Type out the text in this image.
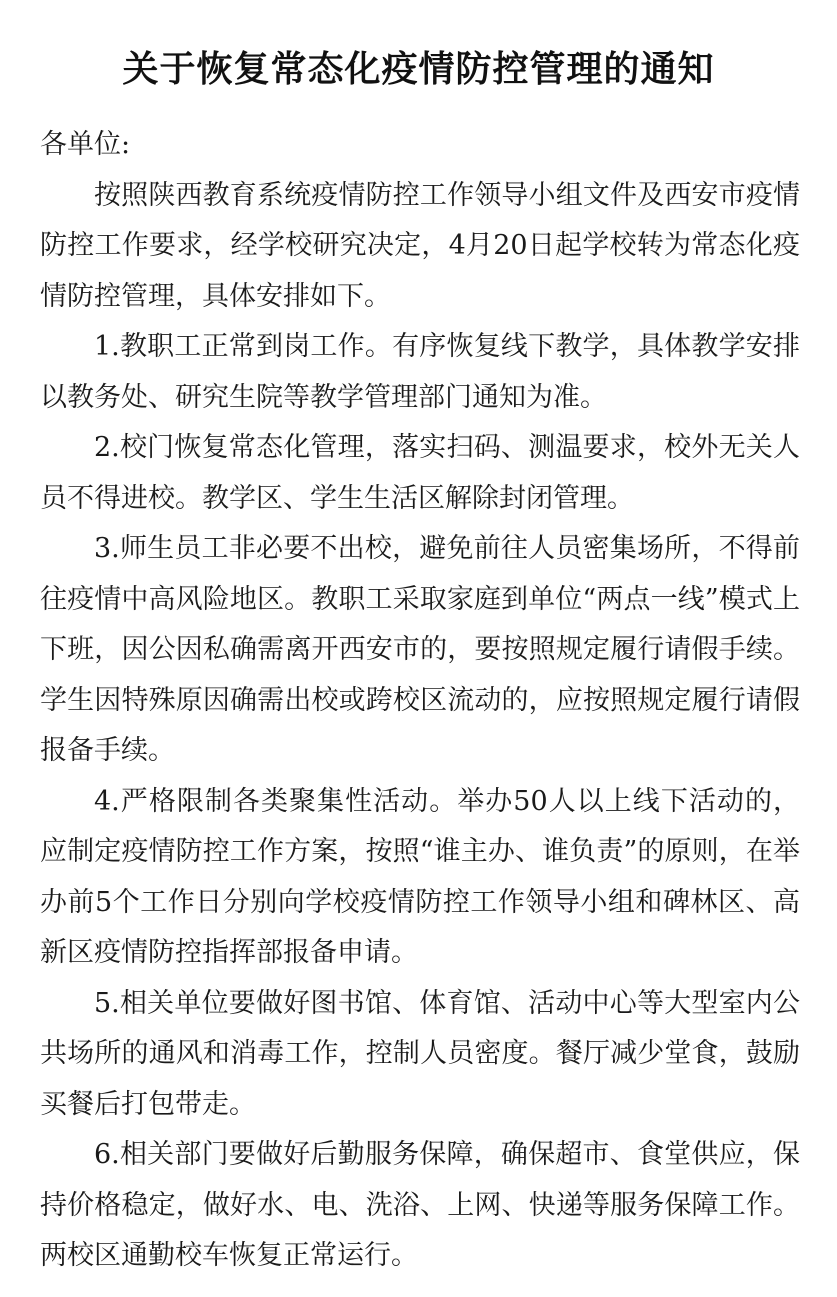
关于恢复常态化疫情防控管理的通知

各单位:

按照陕西教育系统疫情防控工作领导小组文件及西安市疫情防控工作要求，经学校研究决定，4月20日起学校转为常态化疫情防控管理，具体安排如下。

1.教职工正常到岗工作。有序恢复线下教学，具体教学安排以教务处、研究生院等教学管理部门通知为准。

2.校门恢复常态化管理，落实扫码、测温要求，校外无关人员不得进校。教学区、学生生活区解除封闭管理。

3.师生员工非必要不出校，避免前往人员密集场所，不得前往疫情中高风险地区。教职工采取家庭到单位“两点一线”模式上下班，因公因私确需离开西安市的，要按照规定履行请假手续。学生因特殊原因确需出校或跨校区流动的，应按照规定履行请假报备手续。

4.严格限制各类聚集性活动。举办50人以上线下活动的，应制定疫情防控工作方案，按照“谁主办、谁负责”的原则，在举办前5个工作日分别向学校疫情防控工作领导小组和碑林区、高新区疫情防控指挥部报备申请。

5.相关单位要做好图书馆、体育馆、活动中心等大型室内公共场所的通风和消毒工作，控制人员密度。餐厅减少堂食，鼓励买餐后打包带走。

6.相关部门要做好后勤服务保障，确保超市、食堂供应，保持价格稳定，做好水、电、洗浴、上网、快递等服务保障工作。两校区通勤校车恢复正常运行。
